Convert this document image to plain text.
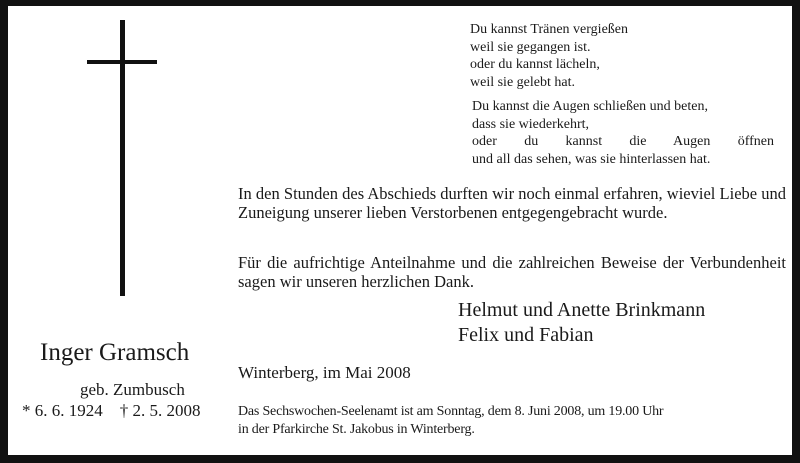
Du kannst Tränen vergießen
weil sie gegangen ist.
oder du kannst lächeln,
weil sie gelebt hat.
Du kannst die Augen schließen und beten,
dass sie wiederkehrt,
oder du kannst die Augen öffnen
und all das sehen, was sie hinterlassen hat.
In den Stunden des Abschieds durften wir noch einmal erfahren, wieviel Liebe und Zuneigung unserer lieben Verstorbenen entgegengebracht wurde.
Für die aufrichtige Anteilnahme und die zahlreichen Beweise der Verbundenheit sagen wir unseren herzlichen Dank.
Helmut und Anette Brinkmann
Felix und Fabian
Inger Gramsch
geb. Zumbusch
* 6. 6. 1924    † 2. 5. 2008
Winterberg, im Mai 2008
Das Sechswochen-Seelenamt ist am Sonntag, dem 8. Juni 2008, um 19.00 Uhr
in der Pfarkirche St. Jakobus in Winterberg.
